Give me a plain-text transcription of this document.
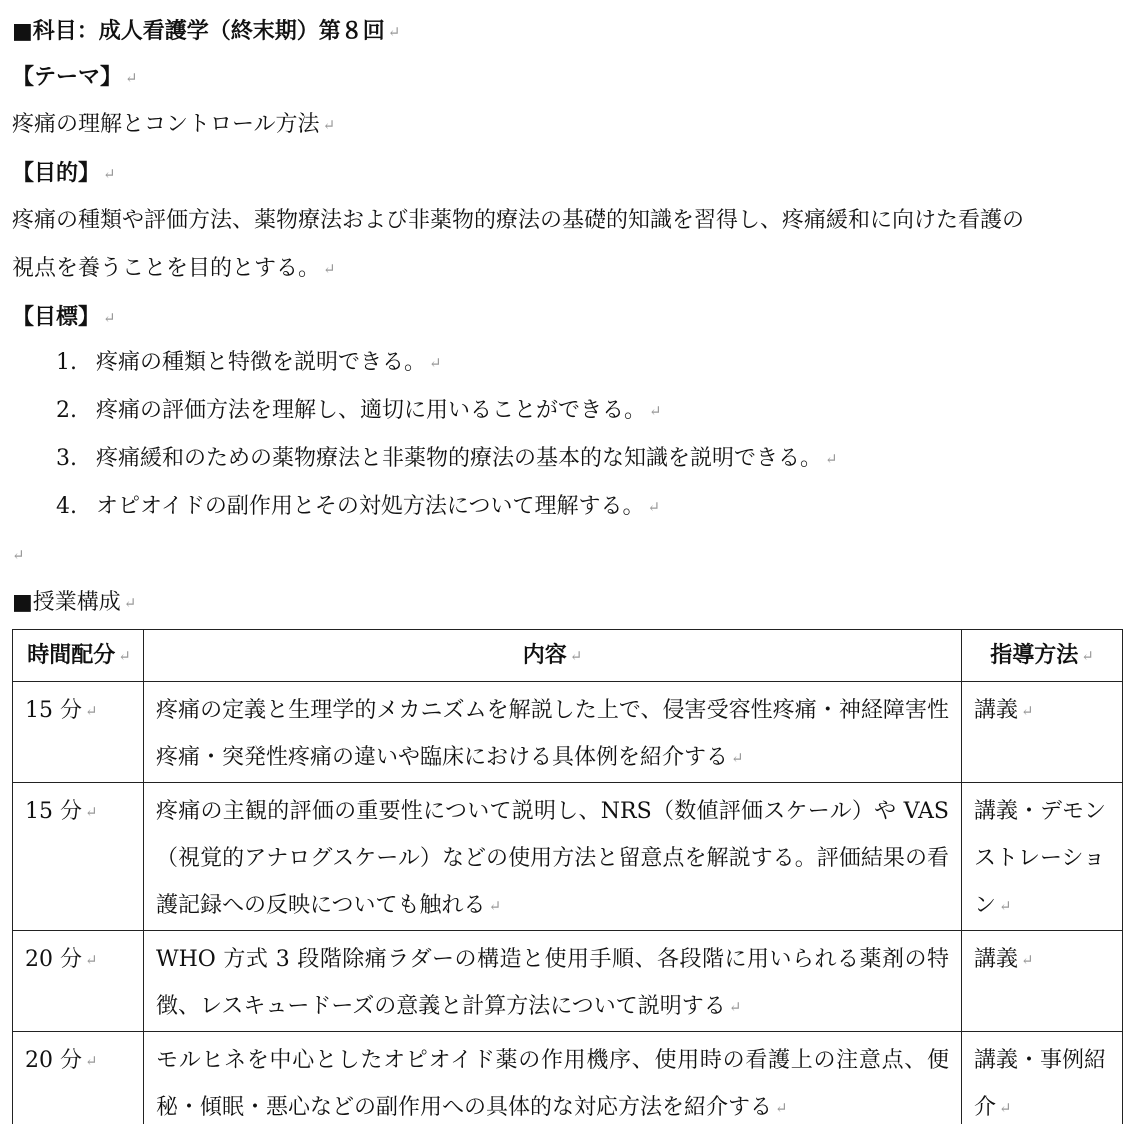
■科目：成人看護学（終末期）第８回 ↵
【テーマ】 ↵
疼痛の理解とコントロール方法 ↵
【目的】 ↵
疼痛の種類や評価方法、薬物療法および非薬物的療法の基礎的知識を習得し、疼痛緩和に向けた看護の
視点を養うことを目的とする。 ↵
【目標】 ↵
1. 疼痛の種類と特徴を説明できる。 ↵
2. 疼痛の評価方法を理解し、適切に用いることができる。 ↵
3. 疼痛緩和のための薬物療法と非薬物的療法の基本的な知識を説明できる。 ↵
4. オピオイドの副作用とその対処方法について理解する。 ↵
↵
■授業構成 ↵
時間配分 ↵	内容 ↵	指導方法 ↵
15 分 ↵	疼痛の定義と生理学的メカニズムを解説した上で、侵害受容性疼痛・神経障害性疼痛・突発性疼痛の違いや臨床における具体例を紹介する ↵	講義 ↵
15 分 ↵	疼痛の主観的評価の重要性について説明し、NRS（数値評価スケール）や VAS（視覚的アナログスケール）などの使用方法と留意点を解説する。評価結果の看護記録への反映についても触れる ↵	講義・デモンストレーション ↵
20 分 ↵	WHO 方式 3 段階除痛ラダーの構造と使用手順、各段階に用いられる薬剤の特徴、レスキュードーズの意義と計算方法について説明する ↵	講義 ↵
20 分 ↵	モルヒネを中心としたオピオイド薬の作用機序、使用時の看護上の注意点、便秘・傾眠・悪心などの副作用への具体的な対応方法を紹介する ↵	講義・事例紹介 ↵
